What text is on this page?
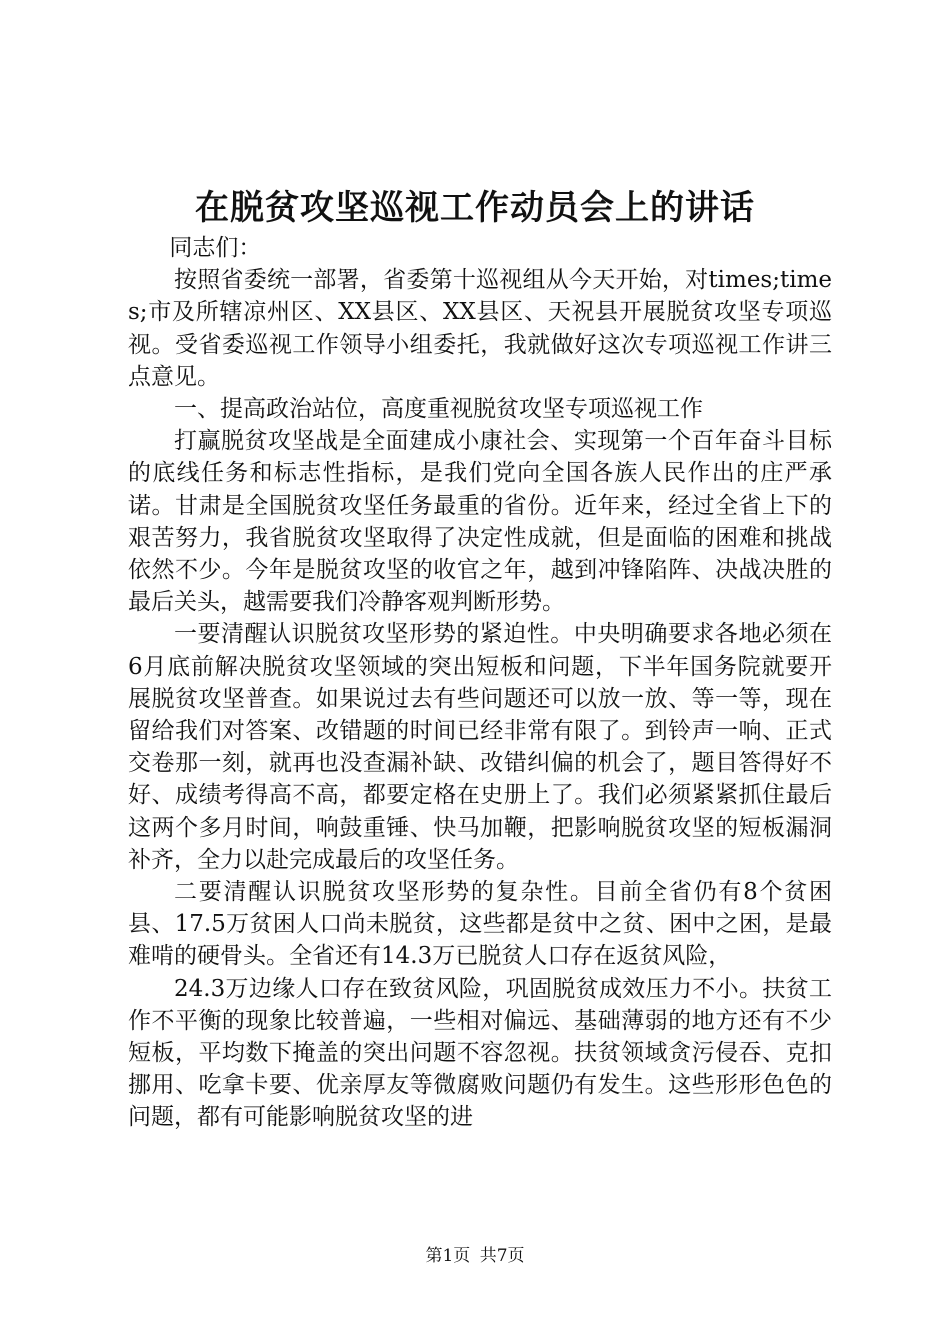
在脱贫攻坚巡视工作动员会上的讲话

同志们：

按照省委统一部署，省委第十巡视组从今天开始，对times;times;市及所辖凉州区、XX县区、XX县区、天祝县开展脱贫攻坚专项巡视。受省委巡视工作领导小组委托，我就做好这次专项巡视工作讲三点意见。

一、提高政治站位，高度重视脱贫攻坚专项巡视工作

打赢脱贫攻坚战是全面建成小康社会、实现第一个百年奋斗目标的底线任务和标志性指标，是我们党向全国各族人民作出的庄严承诺。甘肃是全国脱贫攻坚任务最重的省份。近年来，经过全省上下的艰苦努力，我省脱贫攻坚取得了决定性成就，但是面临的困难和挑战依然不少。今年是脱贫攻坚的收官之年，越到冲锋陷阵、决战决胜的最后关头，越需要我们冷静客观判断形势。

一要清醒认识脱贫攻坚形势的紧迫性。中央明确要求各地必须在6月底前解决脱贫攻坚领域的突出短板和问题，下半年国务院就要开展脱贫攻坚普查。如果说过去有些问题还可以放一放、等一等，现在留给我们对答案、改错题的时间已经非常有限了。到铃声一响、正式交卷那一刻，就再也没查漏补缺、改错纠偏的机会了，题目答得好不好、成绩考得高不高，都要定格在史册上了。我们必须紧紧抓住最后这两个多月时间，响鼓重锤、快马加鞭，把影响脱贫攻坚的短板漏洞补齐，全力以赴完成最后的攻坚任务。

二要清醒认识脱贫攻坚形势的复杂性。目前全省仍有8个贫困县、17.5万贫困人口尚未脱贫，这些都是贫中之贫、困中之困，是最难啃的硬骨头。全省还有14.3万已脱贫人口存在返贫风险，

24.3万边缘人口存在致贫风险，巩固脱贫成效压力不小。扶贫工作不平衡的现象比较普遍，一些相对偏远、基础薄弱的地方还有不少短板，平均数下掩盖的突出问题不容忽视。扶贫领域贪污侵吞、克扣挪用、吃拿卡要、优亲厚友等微腐败问题仍有发生。这些形形色色的问题，都有可能影响脱贫攻坚的进

第1页 共7页
